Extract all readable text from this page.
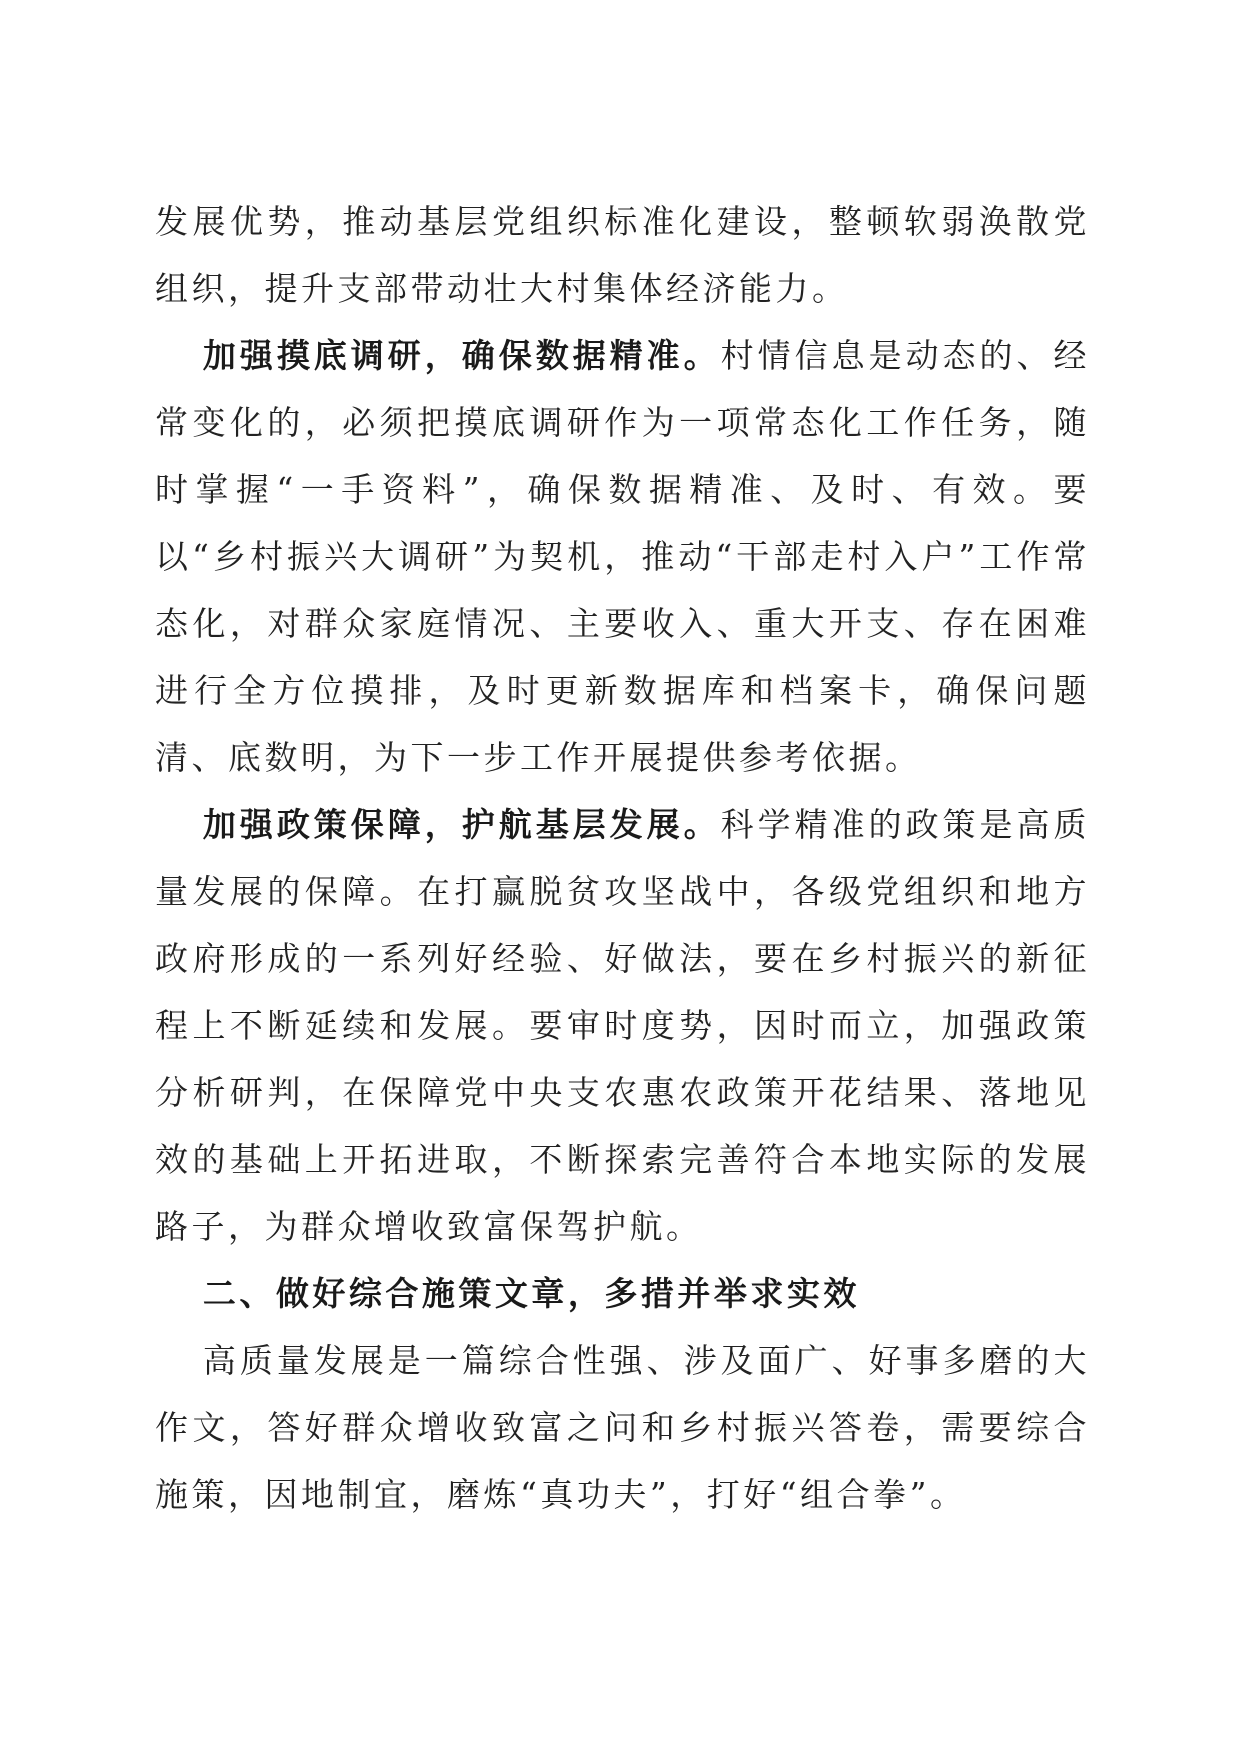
发展优势，推动基层党组织标准化建设，整顿软弱涣散党组织，提升支部带动壮大村集体经济能力。

加强摸底调研，确保数据精准。村情信息是动态的、经常变化的，必须把摸底调研作为一项常态化工作任务，随时掌握“一手资料”，确保数据精准、及时、有效。要以“乡村振兴大调研”为契机，推动“干部走村入户”工作常态化，对群众家庭情况、主要收入、重大开支、存在困难进行全方位摸排，及时更新数据库和档案卡，确保问题清、底数明，为下一步工作开展提供参考依据。

加强政策保障，护航基层发展。科学精准的政策是高质量发展的保障。在打赢脱贫攻坚战中，各级党组织和地方政府形成的一系列好经验、好做法，要在乡村振兴的新征程上不断延续和发展。要审时度势，因时而立，加强政策分析研判，在保障党中央支农惠农政策开花结果、落地见效的基础上开拓进取，不断探索完善符合本地实际的发展路子，为群众增收致富保驾护航。

二、做好综合施策文章，多措并举求实效

高质量发展是一篇综合性强、涉及面广、好事多磨的大作文，答好群众增收致富之问和乡村振兴答卷，需要综合施策，因地制宜，磨炼“真功夫”，打好“组合拳”。
